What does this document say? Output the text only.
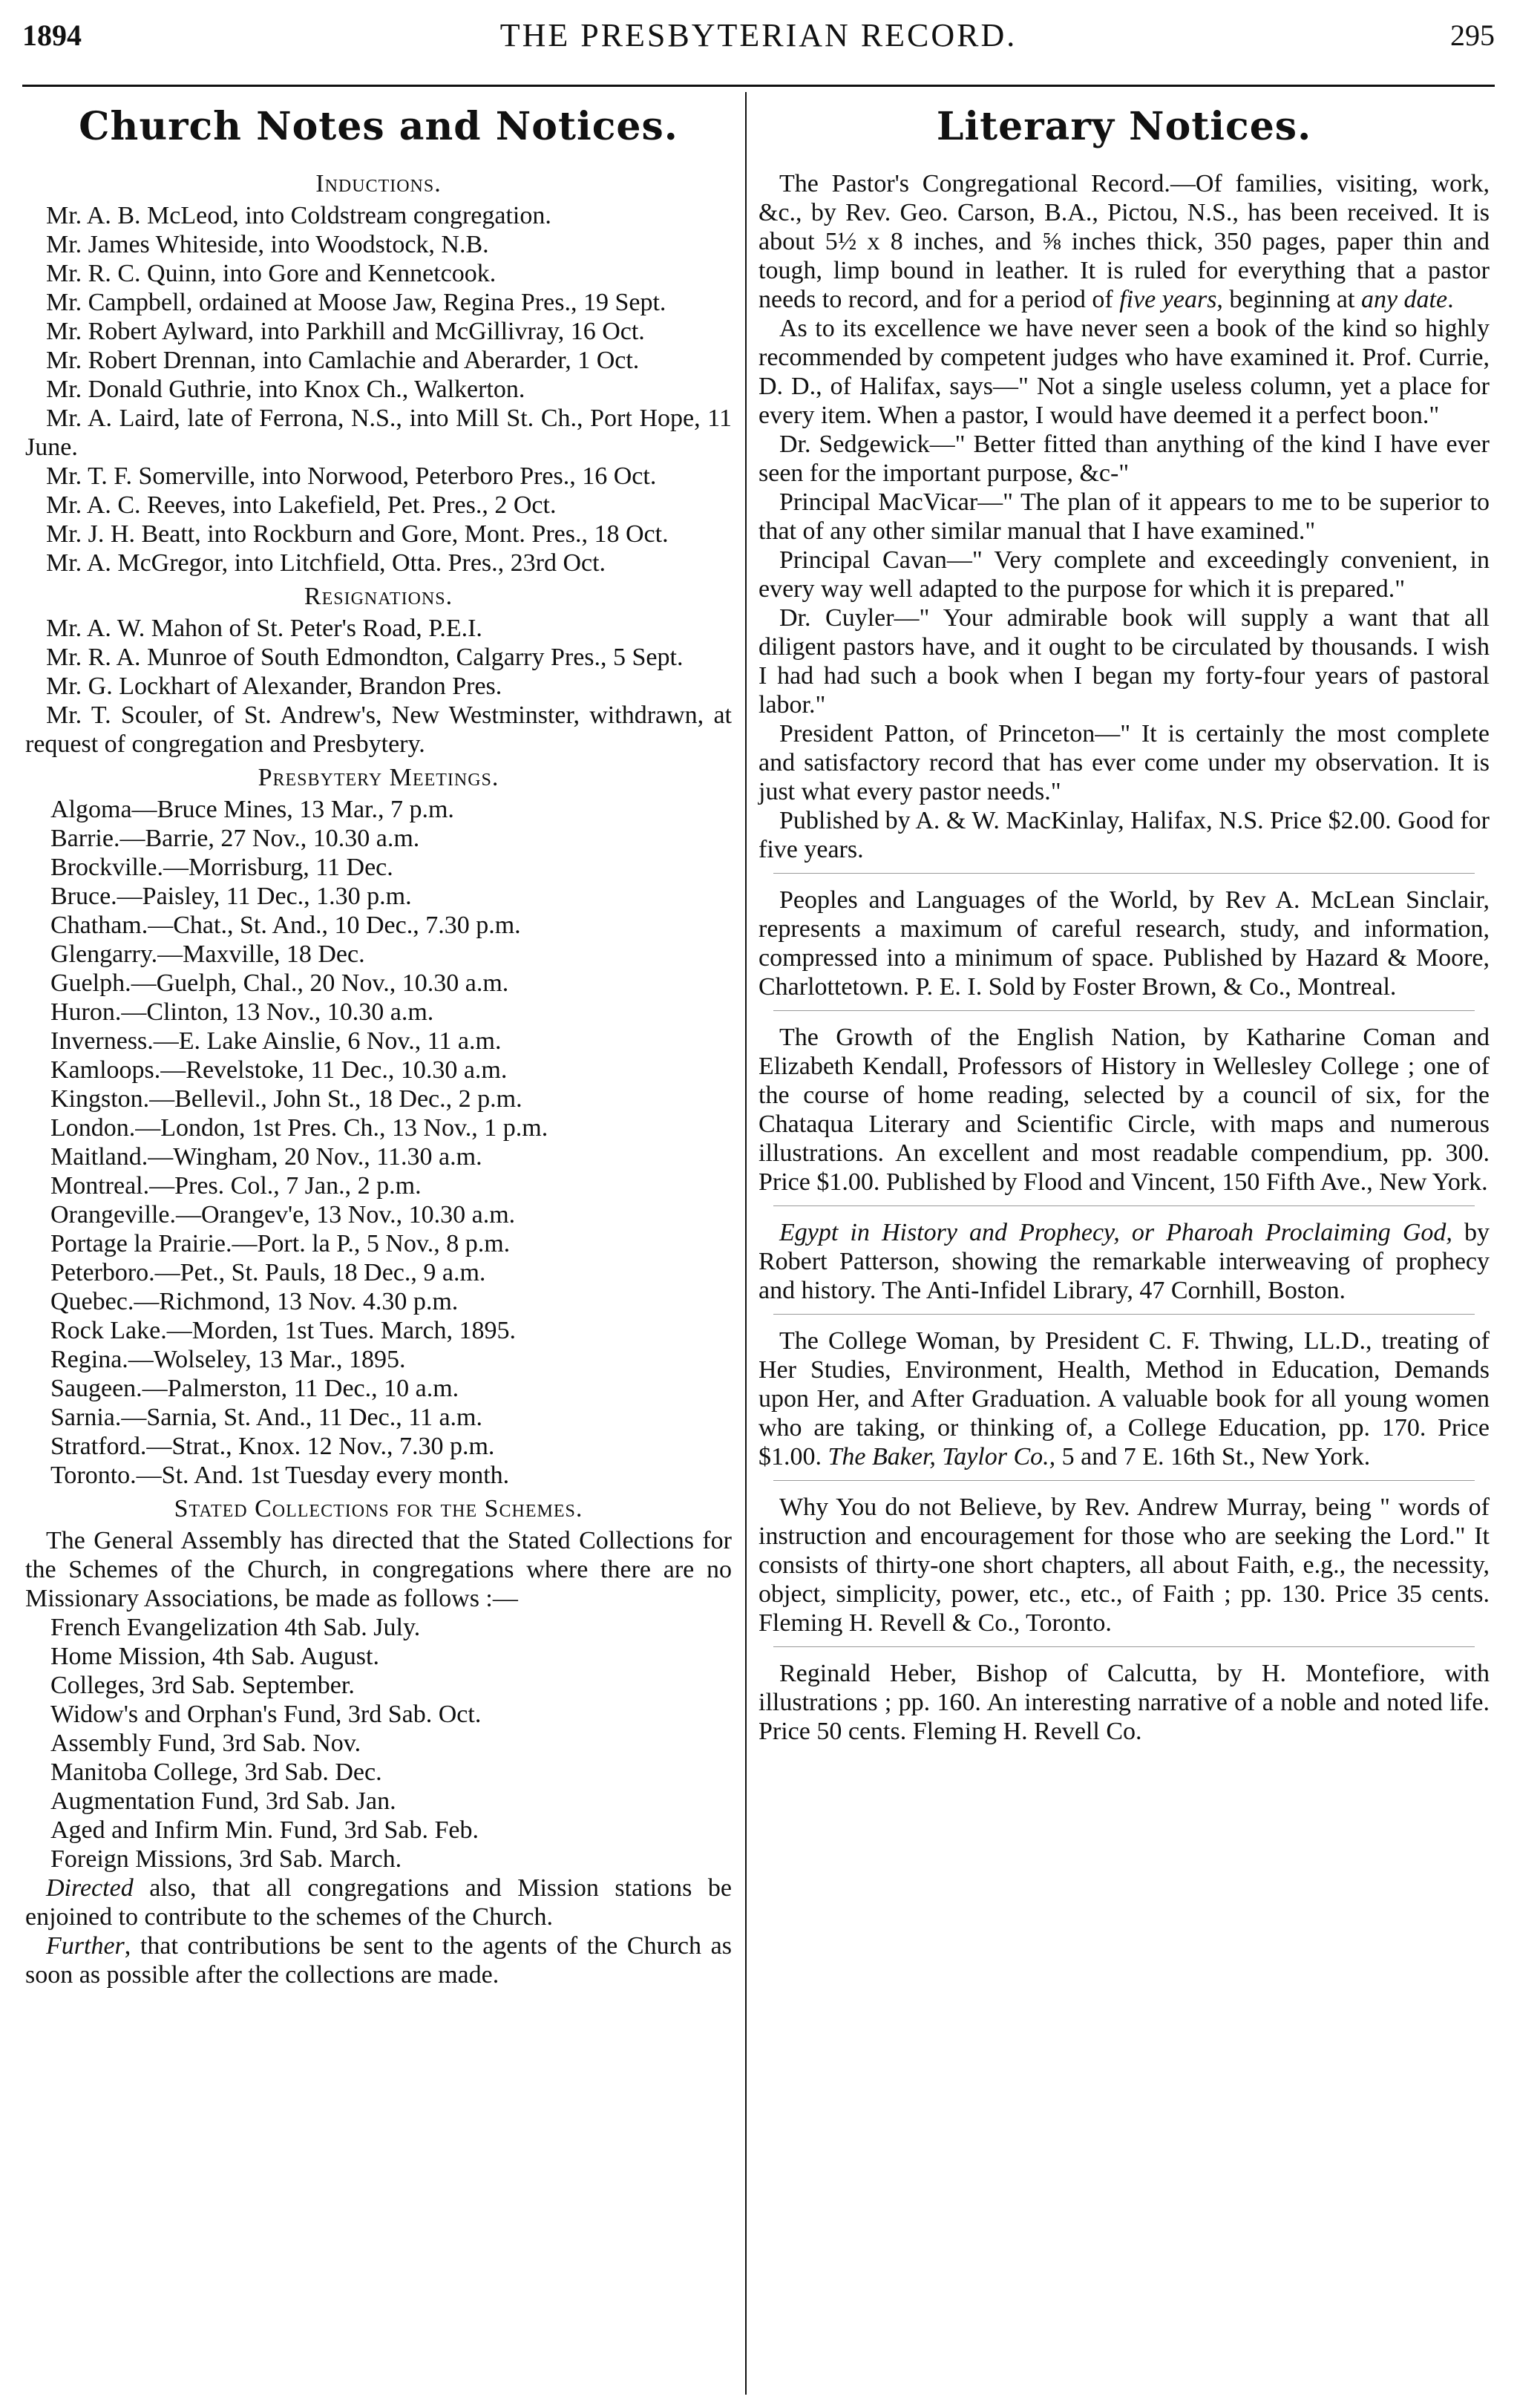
1894	THE PRESBYTERIAN RECORD.	295
Church Notes and Notices.
Inductions.

Mr. A. B. McLeod, into Coldstream congregation.

Mr. James Whiteside, into Woodstock, N.B.

Mr. R. C. Quinn, into Gore and Kennetcook.

Mr. Campbell, ordained at Moose Jaw, Regina Pres., 19 Sept.

Mr. Robert Aylward, into Parkhill and McGillivray, 16 Oct.

Mr. Robert Drennan, into Camlachie and Aberarder, 1 Oct.

Mr. Donald Guthrie, into Knox Ch., Walkerton.

Mr. A. Laird, late of Ferrona, N.S., into Mill St. Ch., Port Hope, 11 June.

Mr. T. F. Somerville, into Norwood, Peterboro Pres., 16 Oct.

Mr. A. C. Reeves, into Lakefield, Pet. Pres., 2 Oct.

Mr. J. H. Beatt, into Rockburn and Gore, Mont. Pres., 18 Oct.

Mr. A. McGregor, into Litchfield, Otta. Pres., 23rd Oct.

Resignations.

Mr. A. W. Mahon of St. Peter's Road, P.E.I.

Mr. R. A. Munroe of South Edmondton, Calgarry Pres., 5 Sept.

Mr. G. Lockhart of Alexander, Brandon Pres.

Mr. T. Scouler, of St. Andrew's, New Westminster, withdrawn, at request of congregation and Presbytery.

Presbytery Meetings.

Algoma—Bruce Mines, 13 Mar., 7 p.m.

Barrie.—Barrie, 27 Nov., 10.30 a.m.

Brockville.—Morrisburg, 11 Dec.

Bruce.—Paisley, 11 Dec., 1.30 p.m.

Chatham.—Chat., St. And., 10 Dec., 7.30 p.m.

Glengarry.—Maxville, 18 Dec.

Guelph.—Guelph, Chal., 20 Nov., 10.30 a.m.

Huron.—Clinton, 13 Nov., 10.30 a.m.

Inverness.—E. Lake Ainslie, 6 Nov., 11 a.m.

Kamloops.—Revelstoke, 11 Dec., 10.30 a.m.

Kingston.—Bellevil., John St., 18 Dec., 2 p.m.

London.—London, 1st Pres. Ch., 13 Nov., 1 p.m.

Maitland.—Wingham, 20 Nov., 11.30 a.m.

Montreal.—Pres. Col., 7 Jan., 2 p.m.

Orangeville.—Orangev'e, 13 Nov., 10.30 a.m.

Portage la Prairie.—Port. la P., 5 Nov., 8 p.m.

Peterboro.—Pet., St. Pauls, 18 Dec., 9 a.m.

Quebec.—Richmond, 13 Nov. 4.30 p.m.

Rock Lake.—Morden, 1st Tues. March, 1895.

Regina.—Wolseley, 13 Mar., 1895.

Saugeen.—Palmerston, 11 Dec., 10 a.m.

Sarnia.—Sarnia, St. And., 11 Dec., 11 a.m.

Stratford.—Strat., Knox. 12 Nov., 7.30 p.m.

Toronto.—St. And. 1st Tuesday every month.

Stated Collections for the Schemes.

The General Assembly has directed that the Stated Collections for the Schemes of the Church, in congregations where there are no Missionary Associations, be made as follows :—

French Evangelization 4th Sab. July.

Home Mission, 4th Sab. August.

Colleges, 3rd Sab. September.

Widow's and Orphan's Fund, 3rd Sab. Oct.

Assembly Fund, 3rd Sab. Nov.

Manitoba College, 3rd Sab. Dec.

Augmentation Fund, 3rd Sab. Jan.

Aged and Infirm Min. Fund, 3rd Sab. Feb.

Foreign Missions, 3rd Sab. March.

Directed also, that all congregations and Mission stations be enjoined to contribute to the schemes of the Church.

Further, that contributions be sent to the agents of the Church as soon as possible after the collections are made.

Literary Notices.

The Pastor's Congregational Record.—Of families, visiting, work, &c., by Rev. Geo. Carson, B.A., Pictou, N.S., has been received. It is about 5½ x 8 inches, and ⅝ inches thick, 350 pages, paper thin and tough, limp bound in leather. It is ruled for everything that a pastor needs to record, and for a period of five years, beginning at any date.

As to its excellence we have never seen a book of the kind so highly recommended by competent judges who have examined it. Prof. Currie, D. D., of Halifax, says—" Not a single useless column, yet a place for every item. When a pastor, I would have deemed it a perfect boon."

Dr. Sedgewick—" Better fitted than anything of the kind I have ever seen for the important purpose, &c-"

Principal MacVicar—" The plan of it appears to me to be superior to that of any other similar manual that I have examined."

Principal Cavan—" Very complete and exceedingly convenient, in every way well adapted to the purpose for which it is prepared."

Dr. Cuyler—" Your admirable book will supply a want that all diligent pastors have, and it ought to be circulated by thousands. I wish I had had such a book when I began my forty-four years of pastoral labor."

President Patton, of Princeton—" It is certainly the most complete and satisfactory record that has ever come under my observation. It is just what every pastor needs."

Published by A. & W. MacKinlay, Halifax, N.S. Price $2.00. Good for five years.

Peoples and Languages of the World, by Rev A. McLean Sinclair, represents a maximum of careful research, study, and information, compressed into a minimum of space. Published by Hazard & Moore, Charlottetown. P. E. I. Sold by Foster Brown, & Co., Montreal.

The Growth of the English Nation, by Katharine Coman and Elizabeth Kendall, Professors of History in Wellesley College ; one of the course of home reading, selected by a council of six, for the Chataqua Literary and Scientific Circle, with maps and numerous illustrations. An excellent and most readable compendium, pp. 300. Price $1.00. Published by Flood and Vincent, 150 Fifth Ave., New York.

Egypt in History and Prophecy, or Pharoah Proclaiming God, by Robert Patterson, showing the remarkable interweaving of prophecy and history. The Anti-Infidel Library, 47 Cornhill, Boston.

The College Woman, by President C. F. Thwing, LL.D., treating of Her Studies, Environment, Health, Method in Education, Demands upon Her, and After Graduation. A valuable book for all young women who are taking, or thinking of, a College Education, pp. 170. Price $1.00. The Baker, Taylor Co., 5 and 7 E. 16th St., New York.

Why You do not Believe, by Rev. Andrew Murray, being " words of instruction and encouragement for those who are seeking the Lord." It consists of thirty-one short chapters, all about Faith, e.g., the necessity, object, simplicity, power, etc., etc., of Faith ; pp. 130. Price 35 cents. Fleming H. Revell & Co., Toronto.

Reginald Heber, Bishop of Calcutta, by H. Montefiore, with illustrations ; pp. 160. An interesting narrative of a noble and noted life. Price 50 cents. Fleming H. Revell Co.
